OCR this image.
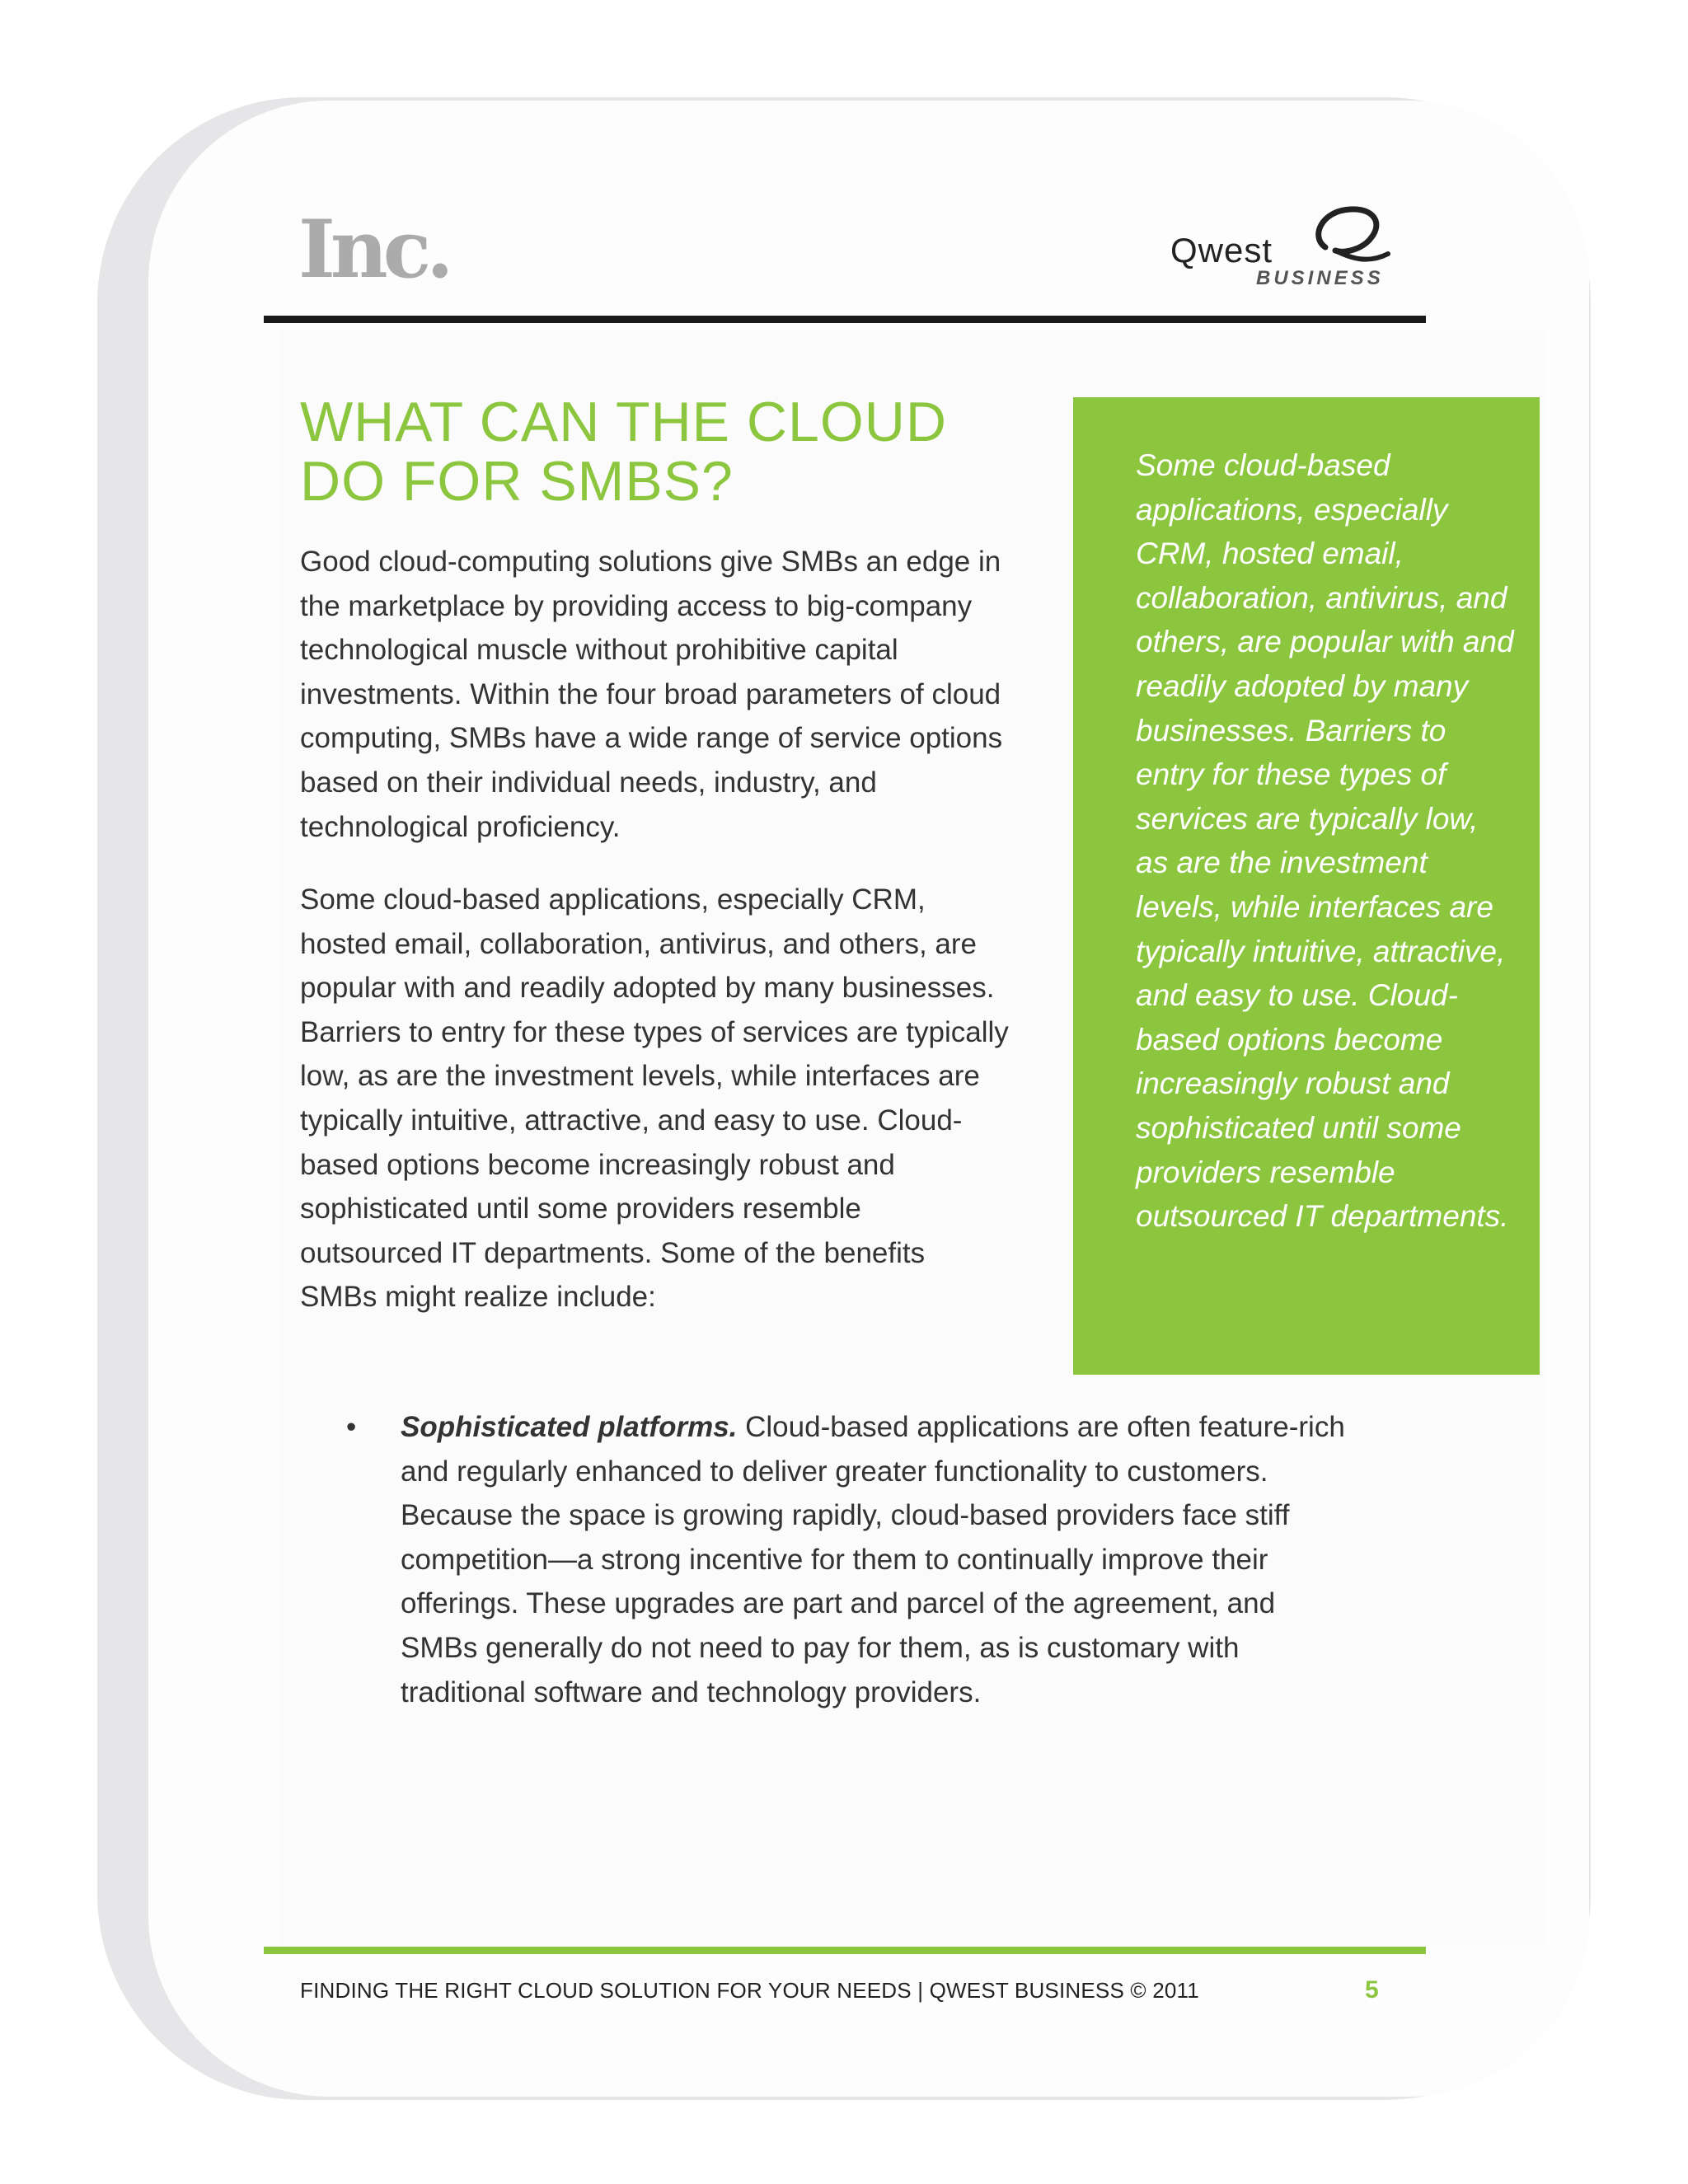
Inc.	Qwest
BUSINESS
WHAT CAN THE CLOUD
DO FOR SMBS?

Good cloud-computing solutions give SMBs an edge in the marketplace by providing access to big-company technological muscle without prohibitive capital investments. Within the four broad parameters of cloud computing, SMBs have a wide range of service options based on their individual needs, industry, and technological proficiency.

Some cloud-based applications, especially CRM, hosted email, collaboration, antivirus, and others, are popular with and readily adopted by many businesses. Barriers to entry for these types of services are typically low, as are the investment levels, while interfaces are typically intuitive, attractive, and easy to use. Cloud-based options become increasingly robust and sophisticated until some providers resemble outsourced IT departments. Some of the benefits SMBs might realize include:

Some cloud-based applications, especially CRM, hosted email, collaboration, antivirus, and others, are popular with and readily adopted by many businesses. Barriers to entry for these types of services are typically low, as are the investment levels, while interfaces are typically intuitive, attractive, and easy to use. Cloud-based options become increasingly robust and sophisticated until some providers resemble outsourced IT departments.

• Sophisticated platforms. Cloud-based applications are often feature-rich and regularly enhanced to deliver greater functionality to customers. Because the space is growing rapidly, cloud-based providers face stiff competition—a strong incentive for them to continually improve their offerings. These upgrades are part and parcel of the agreement, and SMBs generally do not need to pay for them, as is customary with traditional software and technology providers.
FINDING THE RIGHT CLOUD SOLUTION FOR YOUR NEEDS | QWEST BUSINESS © 2011	5
